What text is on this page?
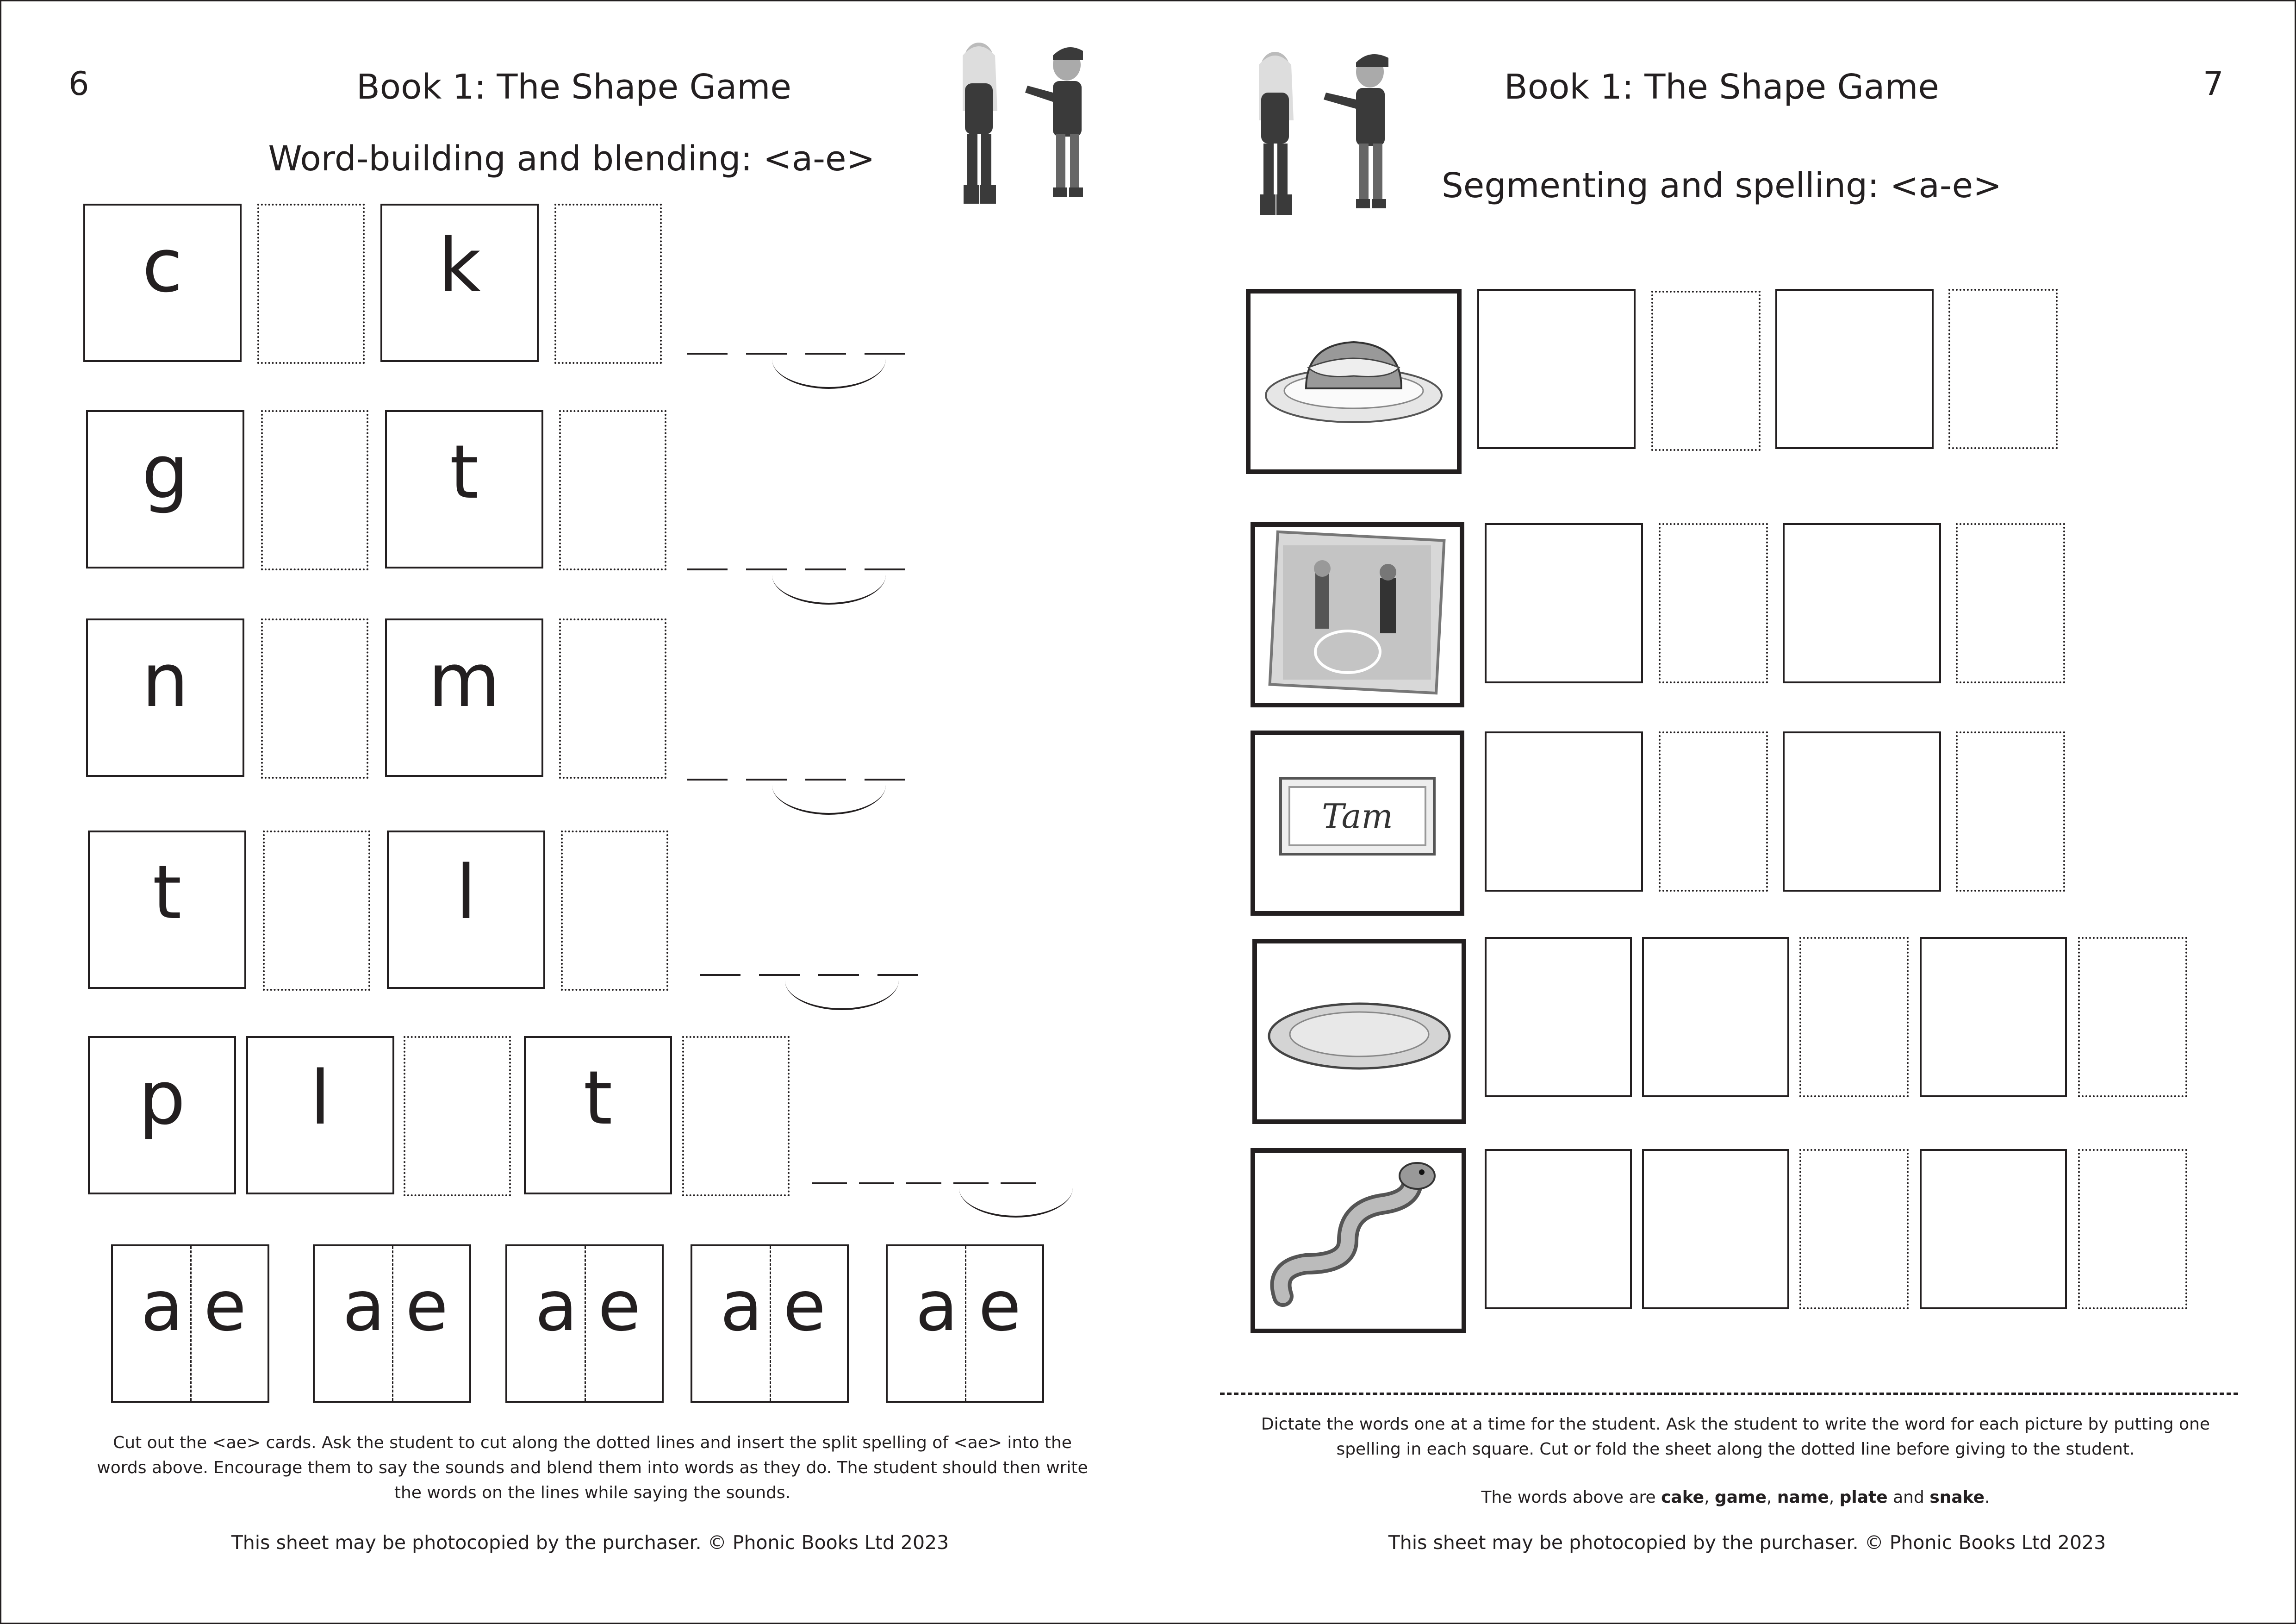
6	Book 1: The Shape Game
Word-building and blending: <a-e>
c	k
g	t
n	m
t	l
p l	t
a e a e a e a e a e
Cut out the <ae> cards. Ask the student to cut along the dotted lines and insert the split spelling of <ae> into the words above. Encourage them to say the sounds and blend them into words as they do. The student should then write the words on the lines while saying the sounds.
This sheet may be photocopied by the purchaser. © Phonic Books Ltd 2023
Book 1: The Shape Game	7
Segmenting and spelling: <a-e>
Tam
Dictate the words one at a time for the student. Ask the student to write the word for each picture by putting one spelling in each square. Cut or fold the sheet along the dotted line before giving to the student.
The words above are cake, game, name, plate and snake.
This sheet may be photocopied by the purchaser. © Phonic Books Ltd 2023
